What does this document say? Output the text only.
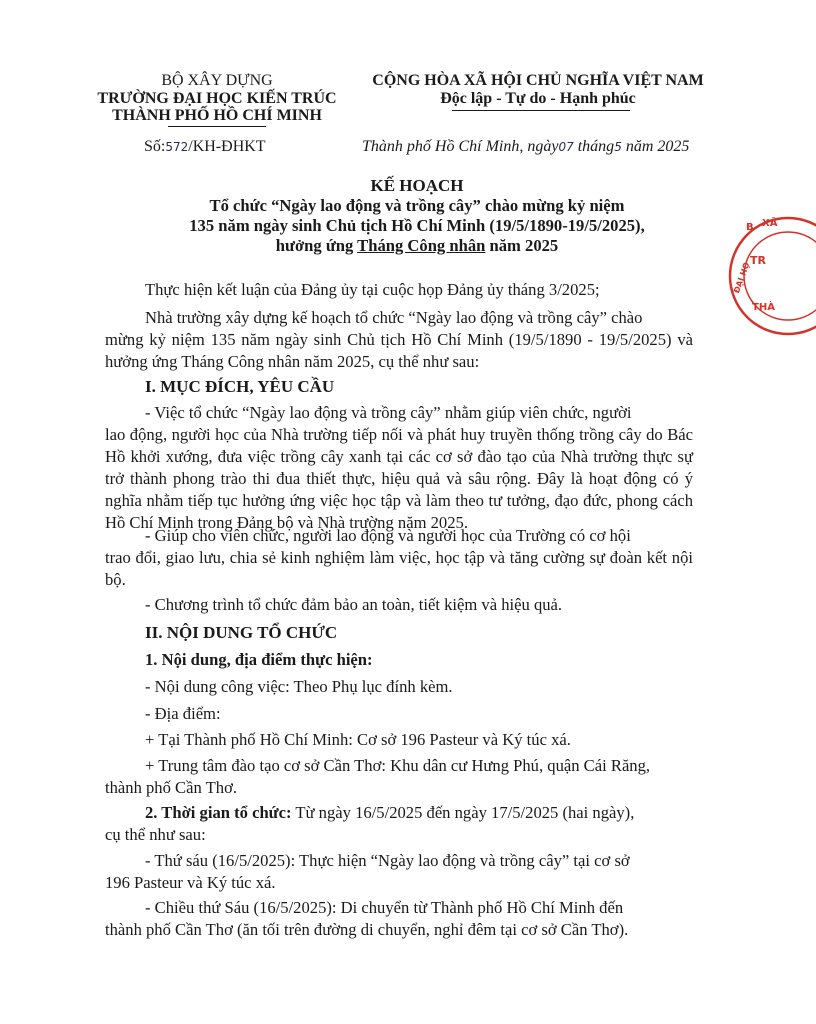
BỘ XÂY DỰNG
TRƯỜNG ĐẠI HỌC KIẾN TRÚC
THÀNH PHỐ HỒ CHÍ MINH
Số:572/KH-ĐHKT
CỘNG HÒA XÃ HỘI CHỦ NGHĨA VIỆT NAM
Độc lập - Tự do - Hạnh phúc
Thành phố Hồ Chí Minh, ngày07 tháng5 năm 2025
KẾ HOẠCH
Tổ chức “Ngày lao động và trồng cây” chào mừng kỷ niệm
135 năm ngày sinh Chủ tịch Hồ Chí Minh (19/5/1890-19/5/2025),
hưởng ứng Tháng Công nhân năm 2025
B XÂ
TR
ĐẠI HỌ
THÀ
Thực hiện kết luận của Đảng ủy tại cuộc họp Đảng ủy tháng 3/2025;
Nhà trường xây dựng kế hoạch tổ chức “Ngày lao động và trồng cây” chào
mừng kỷ niệm 135 năm ngày sinh Chủ tịch Hồ Chí Minh (19/5/1890 - 19/5/2025) và hưởng ứng Tháng Công nhân năm 2025, cụ thể như sau:
I. MỤC ĐÍCH, YÊU CẦU
- Việc tổ chức “Ngày lao động và trồng cây” nhằm giúp viên chức, người
lao động, người học của Nhà trường tiếp nối và phát huy truyền thống trồng cây do Bác Hồ khởi xướng, đưa việc trồng cây xanh tại các cơ sở đào tạo của Nhà trường thực sự trở thành phong trào thi đua thiết thực, hiệu quả và sâu rộng. Đây là hoạt động có ý nghĩa nhằm tiếp tục hưởng ứng việc học tập và làm theo tư tưởng, đạo đức, phong cách Hồ Chí Minh trong Đảng bộ và Nhà trường năm 2025.
- Giúp cho viên chức, người lao động và người học của Trường có cơ hội
trao đổi, giao lưu, chia sẻ kinh nghiệm làm việc, học tập và tăng cường sự đoàn kết nội bộ.
- Chương trình tổ chức đảm bảo an toàn, tiết kiệm và hiệu quả.
II. NỘI DUNG TỔ CHỨC
1. Nội dung, địa điểm thực hiện:
- Nội dung công việc: Theo Phụ lục đính kèm.
- Địa điểm:
+ Tại Thành phố Hồ Chí Minh: Cơ sở 196 Pasteur và Ký túc xá.
+ Trung tâm đào tạo cơ sở Cần Thơ: Khu dân cư Hưng Phú, quận Cái Răng,
thành phố Cần Thơ.
2. Thời gian tổ chức: Từ ngày 16/5/2025 đến ngày 17/5/2025 (hai ngày),
cụ thể như sau:
- Thứ sáu (16/5/2025): Thực hiện “Ngày lao động và trồng cây” tại cơ sở
196 Pasteur và Ký túc xá.
- Chiều thứ Sáu (16/5/2025): Di chuyển từ Thành phố Hồ Chí Minh đến
thành phố Cần Thơ (ăn tối trên đường di chuyển, nghỉ đêm tại cơ sở Cần Thơ).
